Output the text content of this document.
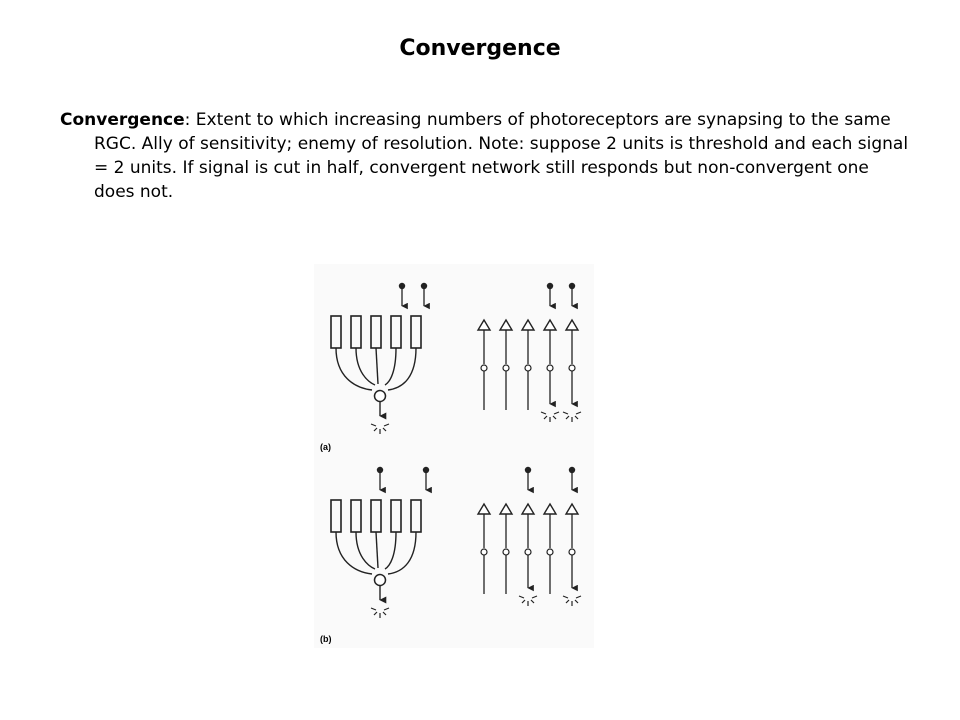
Convergence
Convergence: Extent to which increasing numbers of photoreceptors are synapsing to the same RGC. Ally of sensitivity; enemy of resolution. Note: suppose 2 units is threshold and each signal = 2 units. If signal is cut in half, convergent network still responds but non-convergent one does not.
(a)
(b)
